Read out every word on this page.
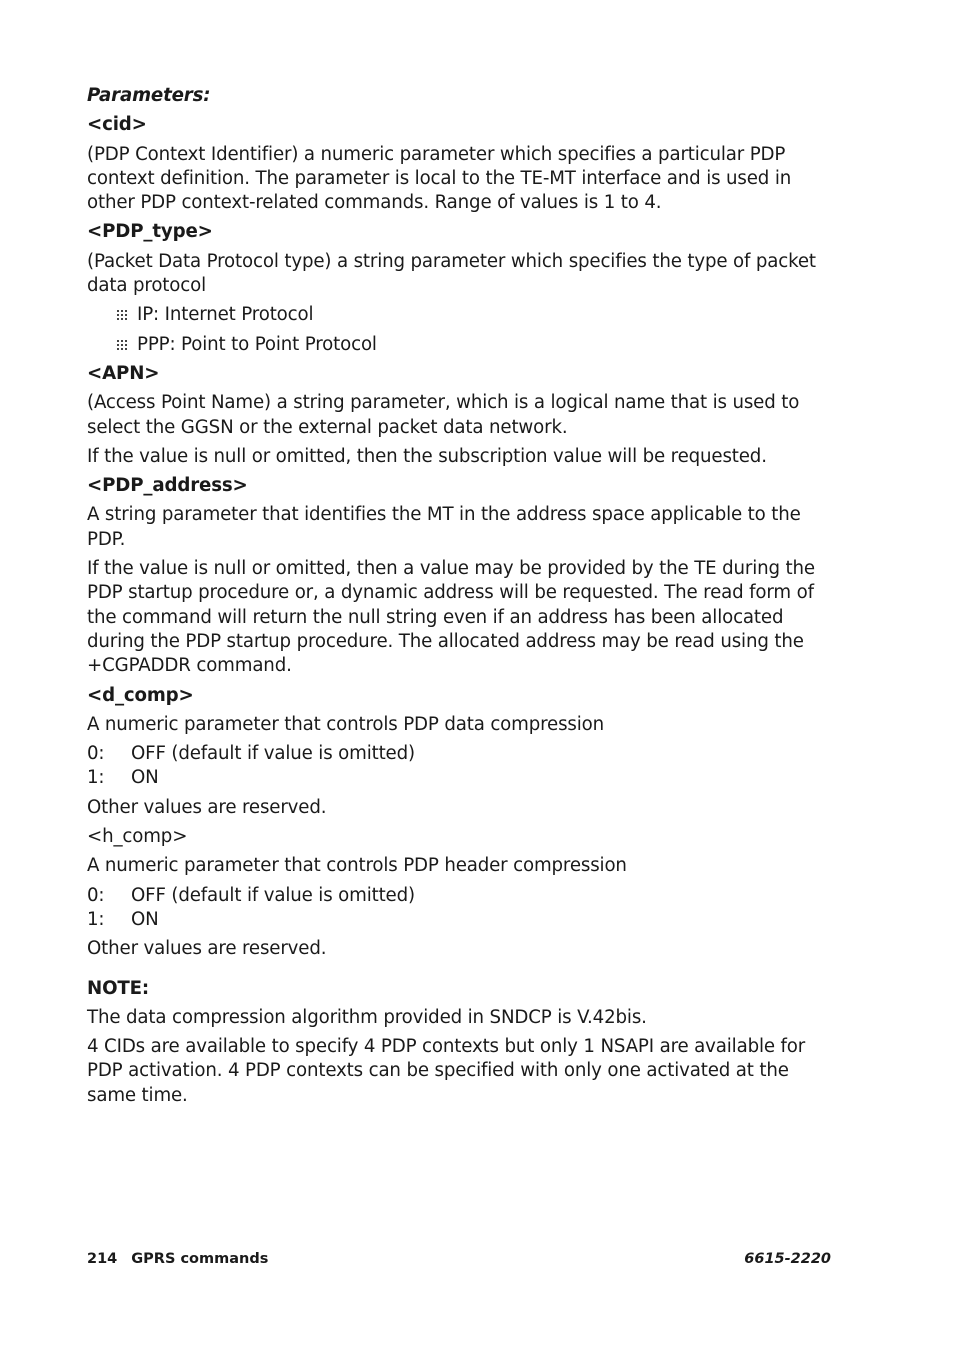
Parameters:

<cid>

(PDP Context Identifier) a numeric parameter which specifies a particular PDP context definition. The parameter is local to the TE-MT interface and is used in other PDP context-related commands. Range of values is 1 to 4.

<PDP_type>

(Packet Data Protocol type) a string parameter which specifies the type of packet data protocol

IP: Internet Protocol

PPP: Point to Point Protocol

<APN>

(Access Point Name) a string parameter, which is a logical name that is used to select the GGSN or the external packet data network.

If the value is null or omitted, then the subscription value will be requested.

<PDP_address>

A string parameter that identifies the MT in the address space applicable to the PDP.

If the value is null or omitted, then a value may be provided by the TE during the PDP startup procedure or, a dynamic address will be requested. The read form of the command will return the null string even if an address has been allocated during the PDP startup procedure. The allocated address may be read using the +CGPADDR command.

<d_comp>

A numeric parameter that controls PDP data compression

0:	OFF (default if value is omitted)
1:	ON

Other values are reserved.

<h_comp>

A numeric parameter that controls PDP header compression

0:	OFF (default if value is omitted)
1:	ON

Other values are reserved.

NOTE:

The data compression algorithm provided in SNDCP is V.42bis.

4 CIDs are available to specify 4 PDP contexts but only 1 NSAPI are available for PDP activation. 4 PDP contexts can be specified with only one activated at the same time.

214 GPRS commands	6615-2220
